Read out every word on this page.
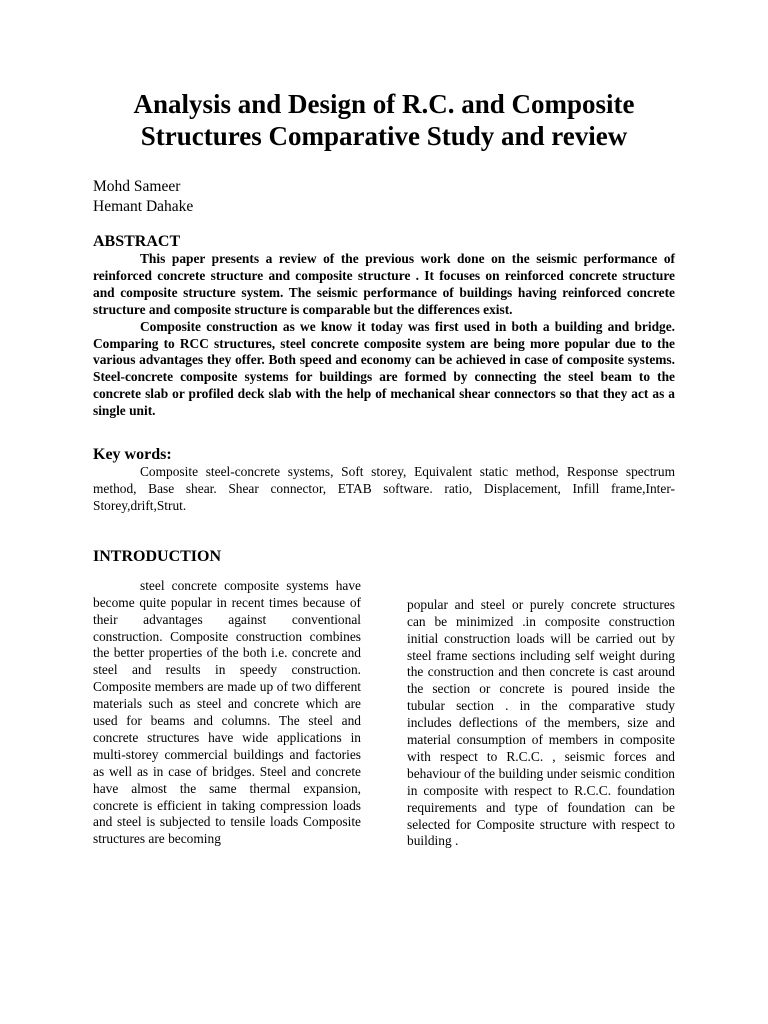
Analysis and Design of R.C. and Composite Structures Comparative Study and review
Mohd Sameer
Hemant Dahake
ABSTRACT

This paper presents a review of the previous work done on the seismic performance of reinforced concrete structure and composite structure . It focuses on reinforced concrete structure and composite structure system. The seismic performance of buildings having reinforced concrete structure and composite structure is comparable but the differences exist.

Composite construction as we know it today was first used in both a building and bridge. Comparing to RCC structures, steel concrete composite system are being more popular due to the various advantages they offer. Both speed and economy can be achieved in case of composite systems. Steel-concrete composite systems for buildings are formed by connecting the steel beam to the concrete slab or profiled deck slab with the help of mechanical shear connectors so that they act as a single unit.

Key words:

Composite steel-concrete systems, Soft storey, Equivalent static method, Response spectrum method, Base shear. Shear connector, ETAB software. ratio, Displacement, Infill frame,Inter-Storey,drift,Strut.

INTRODUCTION
steel concrete composite systems have become quite popular in recent times because of their advantages against conventional construction. Composite construction combines the better properties of the both i.e. concrete and steel and results in speedy construction. Composite members are made up of two different materials such as steel and concrete which are used for beams and columns. The steel and concrete structures have wide applications in multi-storey commercial buildings and factories as well as in case of bridges. Steel and concrete have almost the same thermal expansion, concrete is efficient in taking compression loads and steel is subjected to tensile loads Composite structures are becoming
popular and steel or purely concrete structures can be minimized .in composite construction initial construction loads will be carried out by steel frame sections including self weight during the construction and then concrete is cast around the section or concrete is poured inside the tubular section . in the comparative study includes deflections of the members, size and material consumption of members in composite with respect to R.C.C. , seismic forces and behaviour of the building under seismic condition in composite with respect to R.C.C. foundation requirements and type of foundation can be selected for Composite structure with respect to building .
